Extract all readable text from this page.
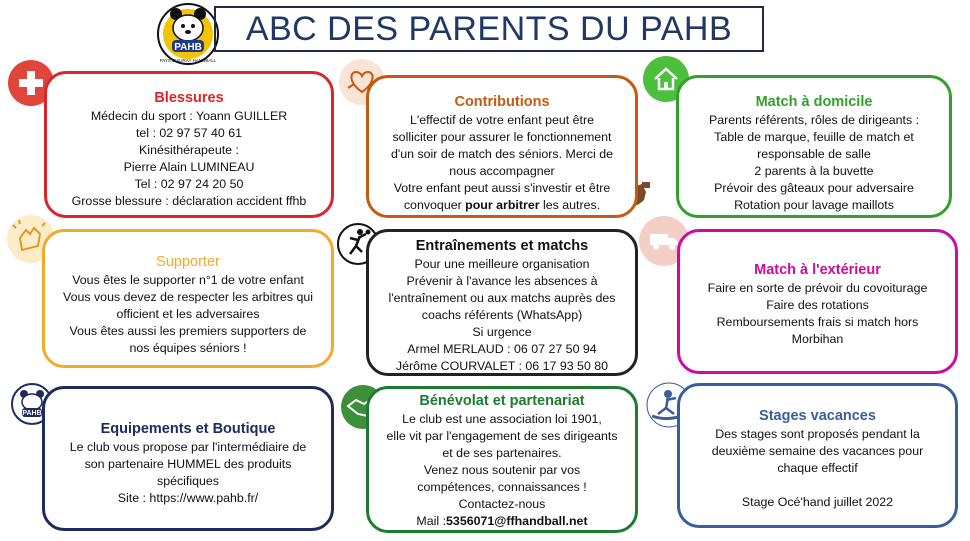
PAHB
PAYS D'AURAY HANDBALL
ABC DES PARENTS DU PAHB
PAHB
Blessures
Médecin du sport : Yoann GUILLER
tel : 02 97 57 40 61
Kinésithérapeute :
Pierre Alain LUMINEAU
Tel : 02 97 24 20 50
Grosse blessure : déclaration accident ffhb
Contributions
L'effectif de votre enfant peut être
solliciter pour assurer le fonctionnement
d'un soir de match des séniors. Merci de
nous accompagner
Votre enfant peut aussi s'investir et être
convoquer pour arbitrer les autres.
Match à domicile
Parents référents, rôles de dirigeants :
Table de marque, feuille de match et
responsable de salle
2 parents à la buvette
Prévoir des gâteaux pour adversaire
Rotation pour lavage maillots
Supporter
Vous êtes le supporter n°1 de votre enfant
Vous vous devez de respecter les arbitres qui
officient et les adversaires
Vous êtes aussi les premiers supporters de
nos équipes séniors !
Entraînements et matchs
Pour une meilleure organisation
Prévenir à l'avance les absences à
l'entraînement ou aux matchs auprès des
coachs référents (WhatsApp)
Si urgence
Armel MERLAUD : 06 07 27 50 94
Jérôme COURVALET : 06 17 93 50 80
Match à l'extérieur
Faire en sorte de prévoir du covoiturage
Faire des rotations
Remboursements frais si match hors
Morbihan
Equipements et Boutique
Le club vous propose par l'intermédiaire de
son partenaire HUMMEL des produits
spécifiques
Site : https://www.pahb.fr/
Bénévolat et partenariat
Le club est une association loi 1901,
elle vit par l'engagement de ses dirigeants
et de ses partenaires.
Venez nous soutenir par vos
compétences, connaissances !
Contactez-nous
Mail :5356071@ffhandball.net
Stages vacances
Des stages sont proposés pendant la
deuxième semaine des vacances pour
chaque effectif
Stage Océ'hand juillet 2022
